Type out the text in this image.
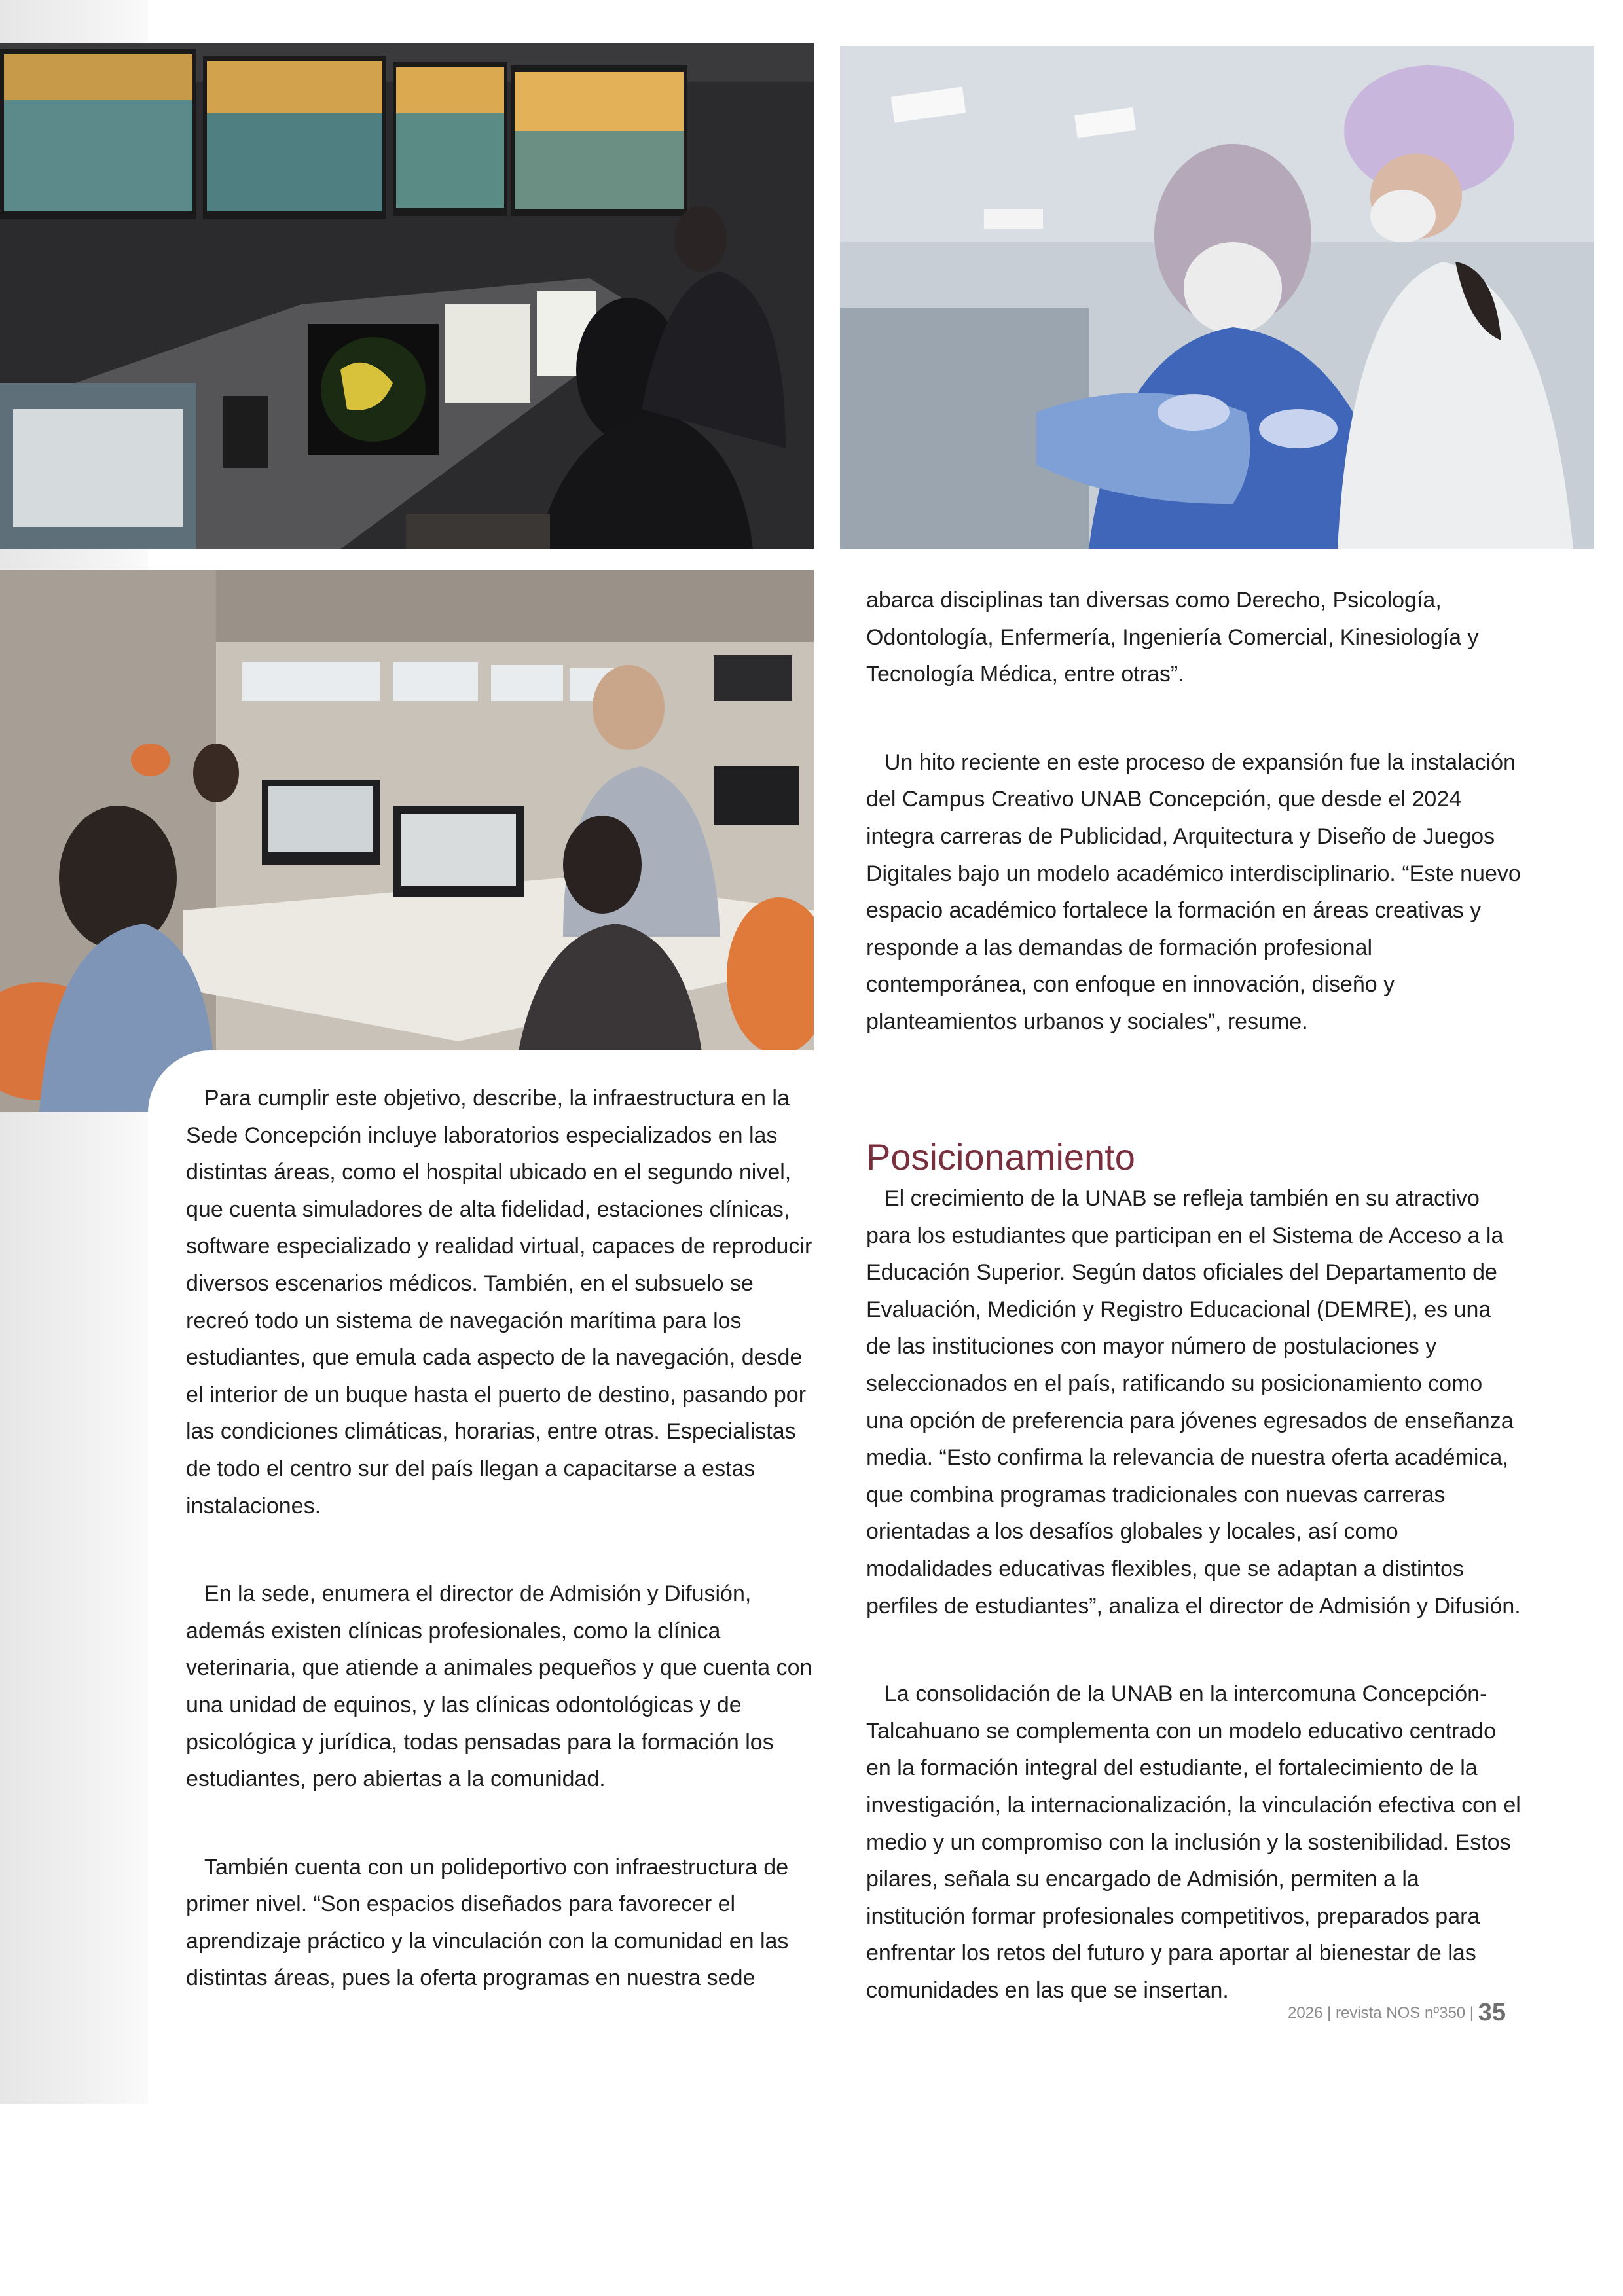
Para cumplir este objetivo, describe, la infraestructura en la Sede Concepción incluye laboratorios especializados en las distintas áreas, como el hospital ubicado en el segundo nivel, que cuenta simuladores de alta fidelidad, estaciones clínicas, software especializado y realidad virtual, capaces de reproducir diversos escenarios médicos. También, en el subsuelo se recreó todo un sistema de navegación marítima para los estudiantes, que emula cada aspecto de la navegación, desde el interior de un buque hasta el puerto de destino, pasando por las condiciones climáticas, horarias, entre otras. Especialistas de todo el centro sur del país llegan a capacitarse a estas instalaciones.

En la sede, enumera el director de Admisión y Difusión, además existen clínicas profesionales, como la clínica veterinaria, que atiende a animales pequeños y que cuenta con una unidad de equinos, y las clínicas odontológicas y de psicológica y jurídica, todas pensadas para la formación los estudiantes, pero abiertas a la comunidad.

También cuenta con un polideportivo con infraestructura de primer nivel. “Son espacios diseñados para favorecer el aprendizaje práctico y la vinculación con la comunidad en las distintas áreas, pues la oferta programas en nuestra sede

abarca disciplinas tan diversas como Derecho, Psicología, Odontología, Enfermería, Ingeniería Comercial, Kinesiología y Tecnología Médica, entre otras”.

Un hito reciente en este proceso de expansión fue la instalación del Campus Creativo UNAB Concepción, que desde el 2024 integra carreras de Publicidad, Arquitectura y Diseño de Juegos Digitales bajo un modelo académico interdisciplinario. “Este nuevo espacio académico fortalece la formación en áreas creativas y responde a las demandas de formación profesional contemporánea, con enfoque en innovación, diseño y planteamientos urbanos y sociales”, resume.

Posicionamiento

El crecimiento de la UNAB se refleja también en su atractivo para los estudiantes que participan en el Sistema de Acceso a la Educación Superior. Según datos oficiales del Departamento de Evaluación, Medición y Registro Educacional (DEMRE), es una de las instituciones con mayor número de postulaciones y seleccionados en el país, ratificando su posicionamiento como una opción de preferencia para jóvenes egresados de enseñanza media. “Esto confirma la relevancia de nuestra oferta académica, que combina programas tradicionales con nuevas carreras orientadas a los desafíos globales y locales, así como modalidades educativas flexibles, que se adaptan a distintos perfiles de estudiantes”, analiza el director de Admisión y Difusión.

La consolidación de la UNAB en la intercomuna Concepción-Talcahuano se complementa con un modelo educativo centrado en la formación integral del estudiante, el fortalecimiento de la investigación, la internacionalización, la vinculación efectiva con el medio y un compromiso con la inclusión y la sostenibilidad. Estos pilares, señala su encargado de Admisión, permiten a la institución formar profesionales competitivos, preparados para enfrentar los retos del futuro y para aportar al bienestar de las comunidades en las que se insertan.

2026 | revista NOS nº350 | 35
